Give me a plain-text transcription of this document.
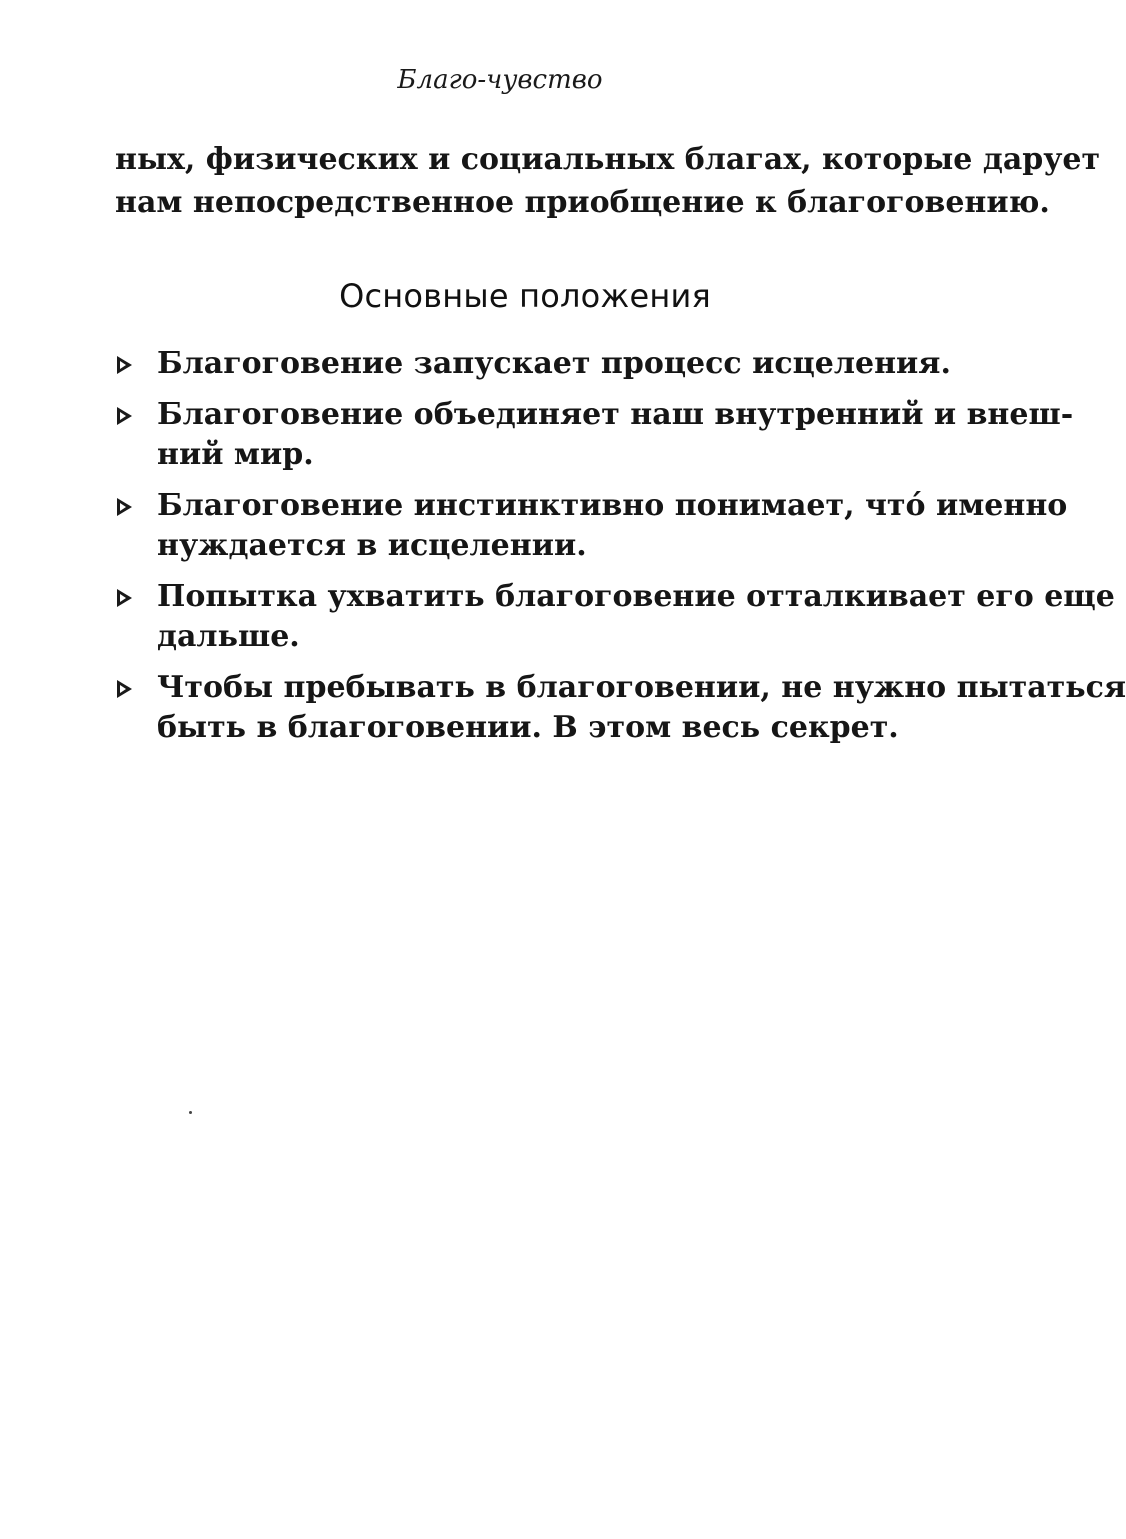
Благо-чувство
ных, физических и социальных благах, которые дарует
нам непосредственное приобщение к благоговению.
Основные положения
Благоговение запускает процесс исцеления.
Благоговение объединяет наш внутренний и внеш-
ний мир.
Благоговение инстинктивно понимает, что́ именно
нуждается в исцелении.
Попытка ухватить благоговение отталкивает его еще
дальше.
Чтобы пребывать в благоговении, не нужно пытаться
быть в благоговении. В этом весь секрет.
